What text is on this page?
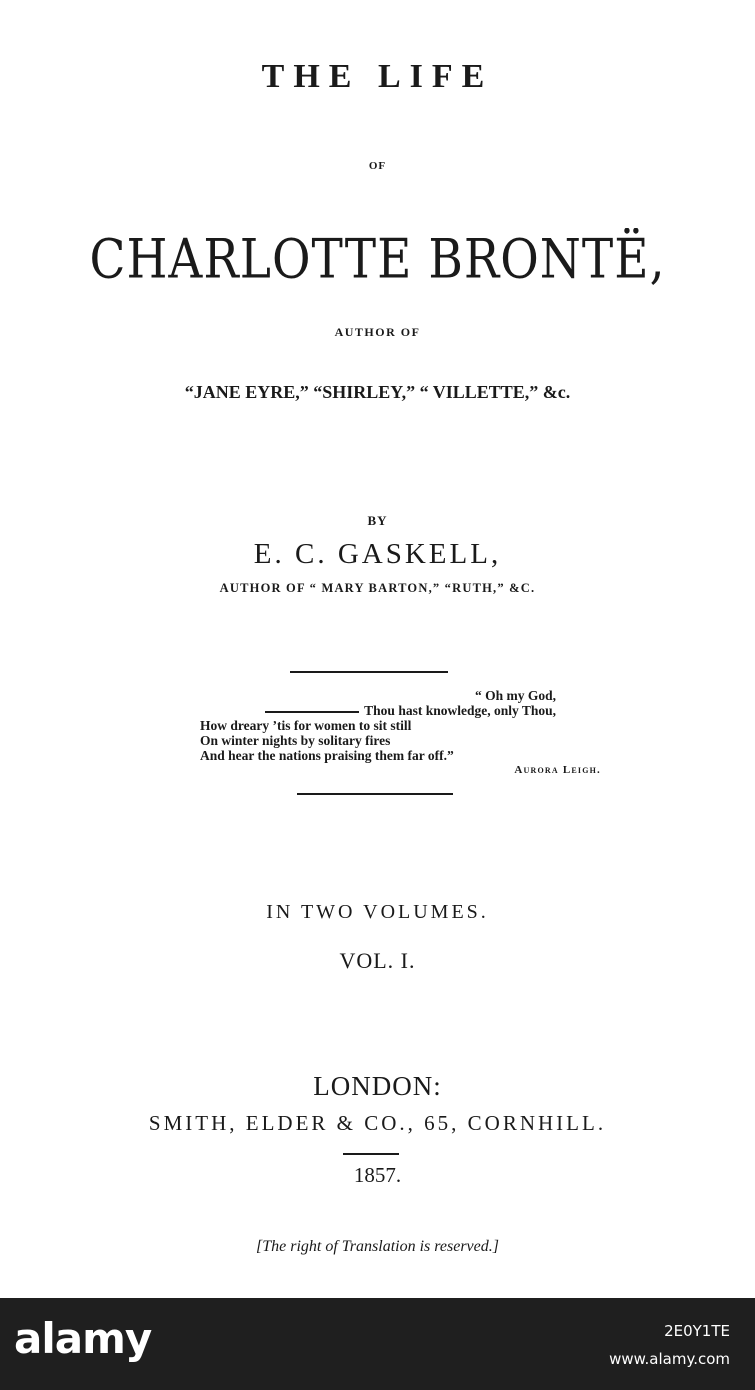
THE LIFE
OF
CHARLOTTE BRONTË,
AUTHOR OF
“JANE EYRE,” “SHIRLEY,” “ VILLETTE,” &c.
BY
E. C. GASKELL,
AUTHOR OF “ MARY BARTON,” “RUTH,” &C.
“ Oh my God,
Thou hast knowledge, only Thou,
How dreary ’tis for women to sit still
On winter nights by solitary fires
And hear the nations praising them far off.”
Aurora Leigh.
IN TWO VOLUMES.
VOL. I.
LONDON:
SMITH, ELDER & CO., 65, CORNHILL.
1857.
[The right of Translation is reserved.]
alamy	2E0Y1TE
www.alamy.com
